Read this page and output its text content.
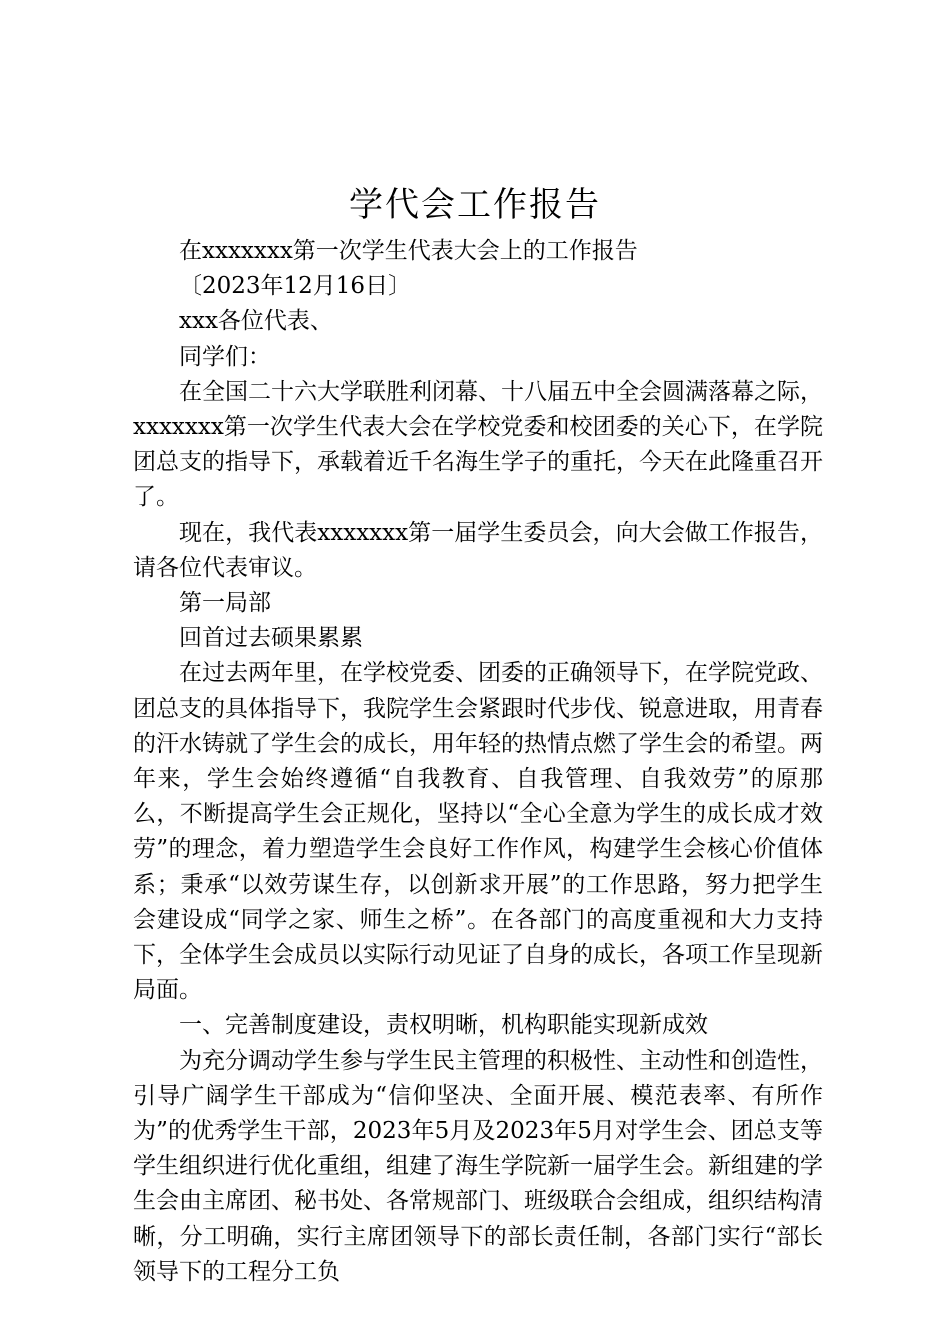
学代会工作报告

在xxxxxxx第一次学生代表大会上的工作报告

〔2023年12月16日〕

xxx各位代表、

同学们：

在全国二十六大学联胜利闭幕、十八届五中全会圆满落幕之际，xxxxxxx第一次学生代表大会在学校党委和校团委的关心下，在学院团总支的指导下，承载着近千名海生学子的重托，今天在此隆重召开了。

现在，我代表xxxxxxx第一届学生委员会，向大会做工作报告，请各位代表审议。

第一局部

回首过去硕果累累

在过去两年里，在学校党委、团委的正确领导下，在学院党政、团总支的具体指导下，我院学生会紧跟时代步伐、锐意进取，用青春的汗水铸就了学生会的成长，用年轻的热情点燃了学生会的希望。两年来，学生会始终遵循“自我教育、自我管理、自我效劳”的原那么，不断提高学生会正规化，坚持以“全心全意为学生的成长成才效劳”的理念，着力塑造学生会良好工作作风，构建学生会核心价值体系；秉承“以效劳谋生存，以创新求开展”的工作思路，努力把学生会建设成“同学之家、师生之桥”。在各部门的高度重视和大力支持下，全体学生会成员以实际行动见证了自身的成长，各项工作呈现新局面。

一、完善制度建设，责权明晰，机构职能实现新成效

为充分调动学生参与学生民主管理的积极性、主动性和创造性，引导广阔学生干部成为“信仰坚决、全面开展、模范表率、有所作为”的优秀学生干部，2023年5月及2023年5月对学生会、团总支等学生组织进行优化重组，组建了海生学院新一届学生会。新组建的学生会由主席团、秘书处、各常规部门、班级联合会组成，组织结构清晰，分工明确，实行主席团领导下的部长责任制，各部门实行“部长领导下的工程分工负
